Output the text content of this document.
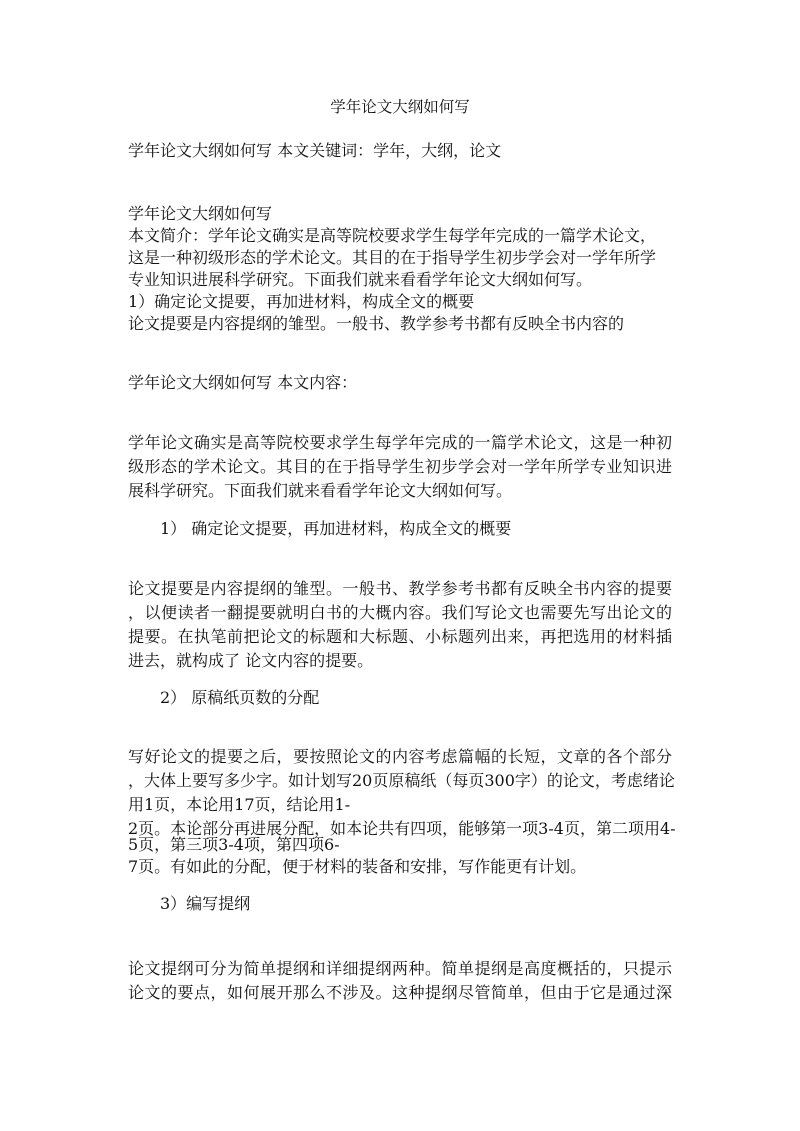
学年论文大纲如何写

学年论文大纲如何写 本文关键词：学年，大纲，论文

学年论文大纲如何写

本文简介：学年论文确实是高等院校要求学生每学年完成的一篇学术论文，

这是一种初级形态的学术论文。其目的在于指导学生初步学会对一学年所学

专业知识进展科学研究。下面我们就来看看学年论文大纲如何写。

1）确定论文提要，再加进材料，构成全文的概要

论文提要是内容提纲的雏型。一般书、教学参考书都有反映全书内容的

学年论文大纲如何写 本文内容：

学年论文确实是高等院校要求学生每学年完成的一篇学术论文，这是一种初

级形态的学术论文。其目的在于指导学生初步学会对一学年所学专业知识进

展科学研究。下面我们就来看看学年论文大纲如何写。

1） 确定论文提要，再加进材料，构成全文的概要

论文提要是内容提纲的雏型。一般书、教学参考书都有反映全书内容的提要

，以便读者一翻提要就明白书的大概内容。我们写论文也需要先写出论文的

提要。在执笔前把论文的标题和大标题、小标题列出来，再把选用的材料插

进去，就构成了 论文内容的提要。

2） 原稿纸页数的分配

写好论文的提要之后，要按照论文的内容考虑篇幅的长短，文章的各个部分

，大体上要写多少字。如计划写20页原稿纸（每页300字）的论文，考虑绪论

用1页，本论用17页，结论用1-

2页。本论部分再进展分配，如本论共有四项，能够第一项3-4页，第二项用4-

5页，第三项3-4项，第四项6-

7页。有如此的分配，便于材料的装备和安排，写作能更有计划。

3）编写提纲

论文提纲可分为简单提纲和详细提纲两种。简单提纲是高度概括的，只提示

论文的要点，如何展开那么不涉及。这种提纲尽管简单，但由于它是通过深
